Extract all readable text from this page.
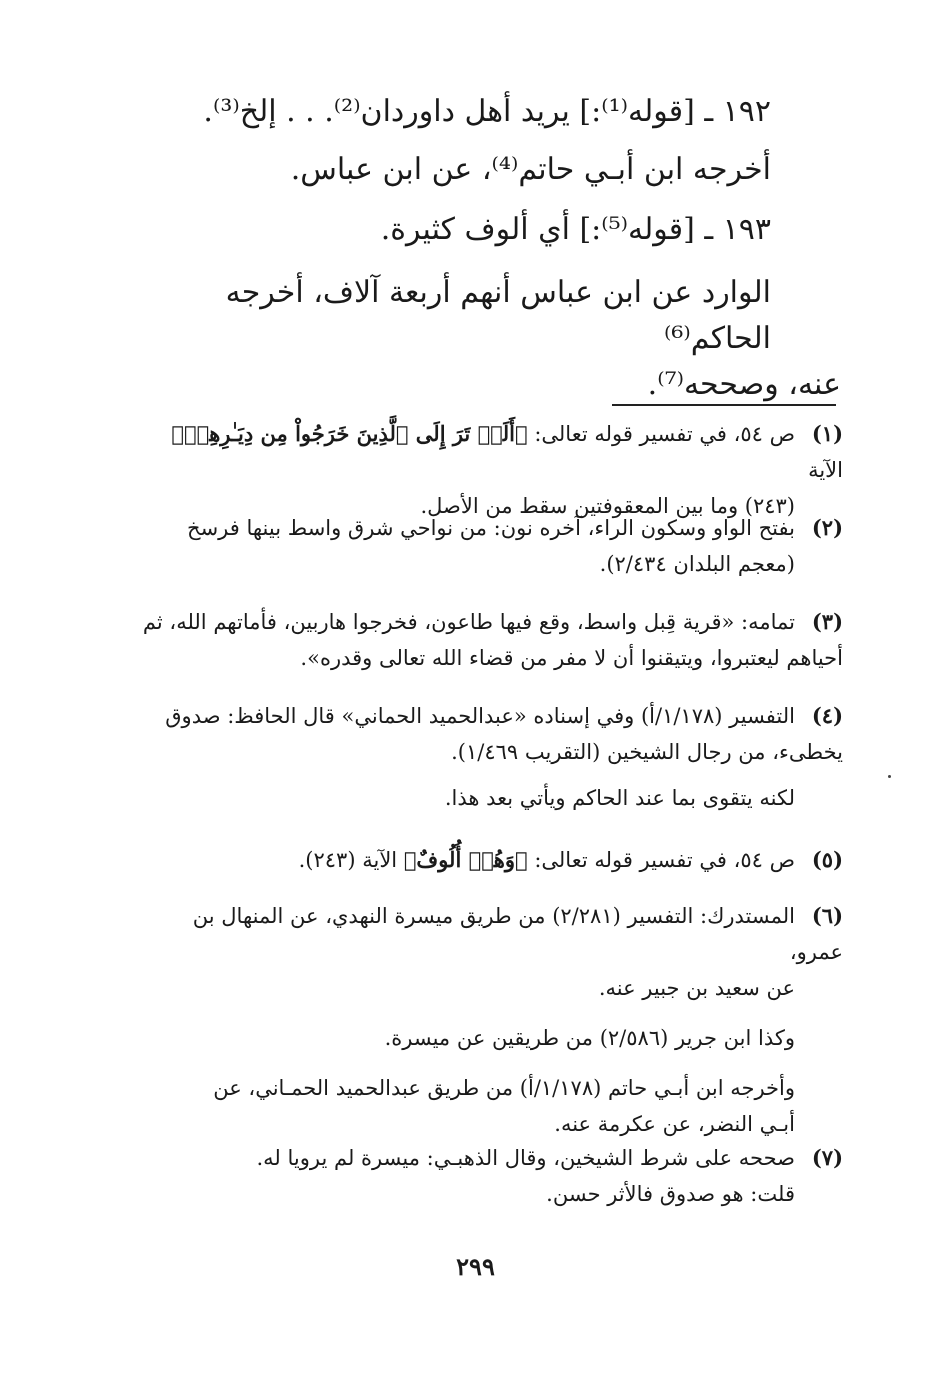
١٩٢ ـ [قوله⁽¹⁾:] يريد أهل داوردان⁽²⁾. . . إلخ⁽³⁾.
أخرجه ابن أبـي حاتم⁽⁴⁾، عن ابن عباس.
١٩٣ ـ [قوله⁽⁵⁾:] أي ألوف كثيرة.
الوارد عن ابن عباس أنهم أربعة آلاف، أخرجه الحاكم⁽⁶⁾
عنه، وصححه⁽⁷⁾.
(١)ص ٥٤، في تفسير قوله تعالى: ﴿أَلَمۡ تَرَ إِلَى ٱلَّذِينَ خَرَجُواْ مِن دِيَـٰرِهِمۡ﴾ الآية
(٢٤٣) وما بين المعقوفتين سقط من الأصل.
(٢)بفتح الواو وسكون الراء، آخره نون: من نواحي شرق واسط بينها فرسخ
(معجم البلدان ٢/٤٣٤).
(٣)تمامه: «قرية قِبل واسط، وقع فيها طاعون، فخرجوا هاربين، فأماتهم الله، ثم
أحياهم ليعتبروا، ويتيقنوا أن لا مفر من قضاء الله تعالى وقدره».
(٤)التفسير (١/١٧٨/أ) وفي إسناده «عبدالحميد الحماني» قال الحافظ: صدوق
يخطىء، من رجال الشيخين (التقريب ١/٤٦٩).
لكنه يتقوى بما عند الحاكم ويأتي بعد هذا.
(٥)ص ٥٤، في تفسير قوله تعالى: ﴿وَهُمۡ أُلُوفٌ﴾ الآية (٢٤٣).
(٦)المستدرك: التفسير (٢/٢٨١) من طريق ميسرة النهدي، عن المنهال بن عمرو،
عن سعيد بن جبير عنه.
وكذا ابن جرير (٢/٥٨٦) من طريقين عن ميسرة.
وأخرجه ابن أبـي حاتم (١/١٧٨/أ) من طريق عبدالحميد الحمـاني، عن
أبـي النضر، عن عكرمة عنه.
(٧)صححه على شرط الشيخين، وقال الذهبـي: ميسرة لم يرويا له.
قلت: هو صدوق فالأثر حسن.
٢٩٩
